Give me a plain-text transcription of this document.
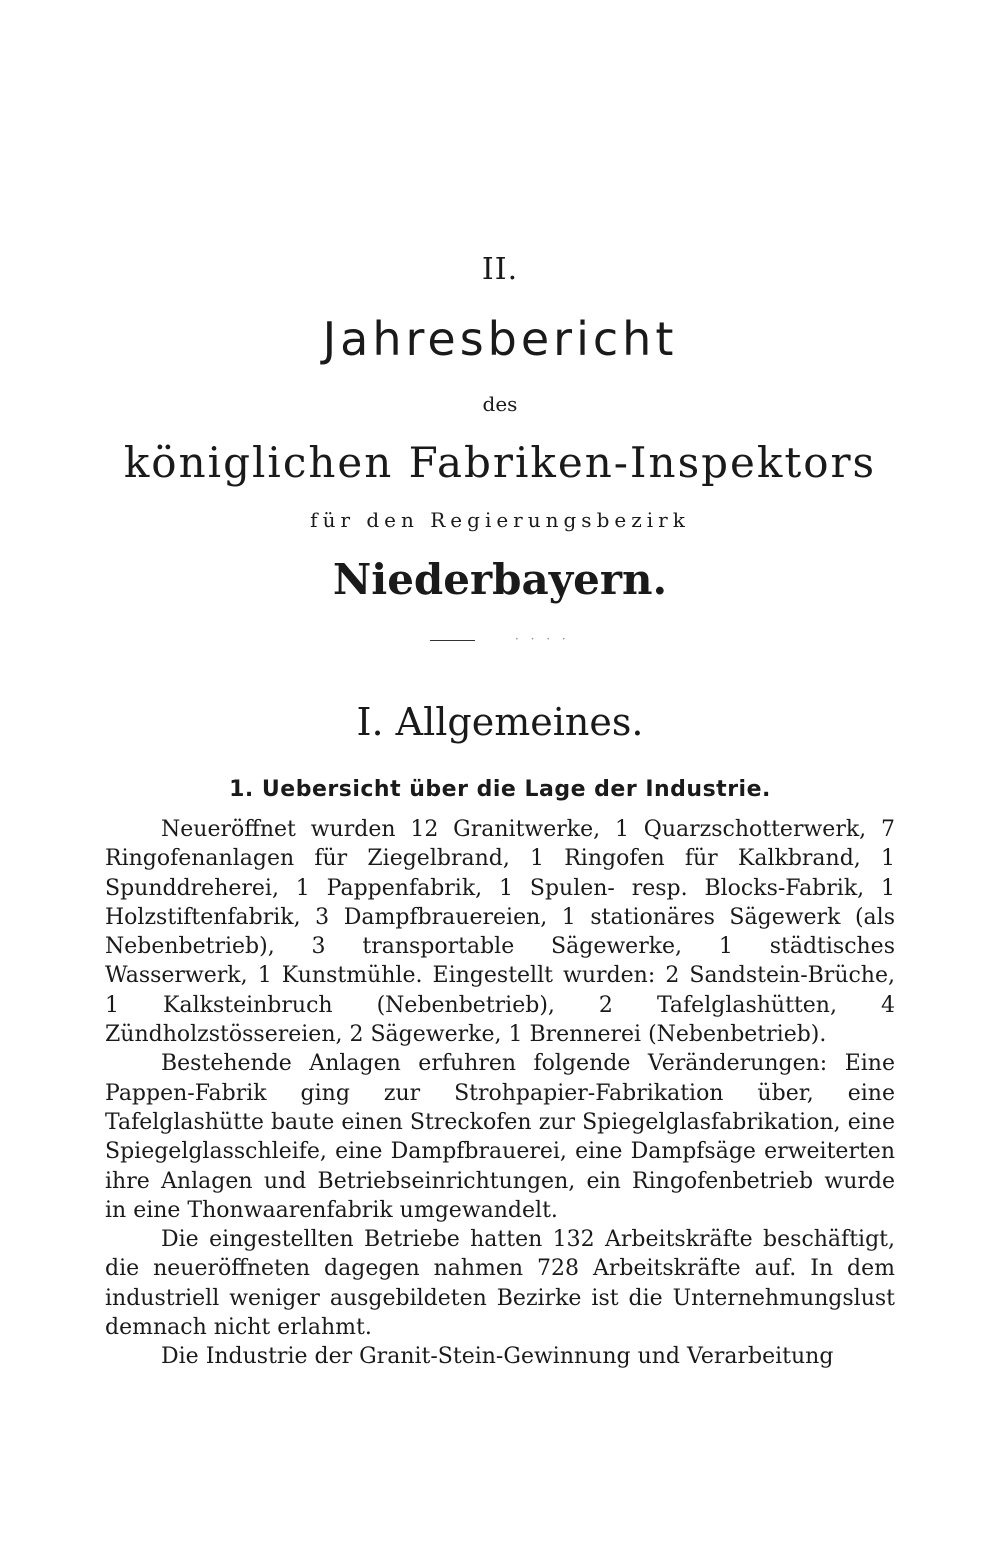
II.
Jahresbericht
des
königlichen Fabriken-Inspektors
für den Regierungsbezirk
Niederbayern.
· · · ·
I. Allgemeines.
1. Uebersicht über die Lage der Industrie.

Neueröffnet wurden 12 Granitwerke, 1 Quarzschotterwerk, 7 Ringofenanlagen für Ziegelbrand, 1 Ringofen für Kalkbrand, 1 Spunddreherei, 1 Pappenfabrik, 1 Spulen- resp. Blocks-Fabrik, 1 Holzstiftenfabrik, 3 Dampfbrauereien, 1 stationäres Sägewerk (als Nebenbetrieb), 3 transportable Sägewerke, 1 städtisches Wasserwerk, 1 Kunstmühle. Eingestellt wurden: 2 Sandstein-Brüche, 1 Kalksteinbruch (Nebenbetrieb), 2 Tafelglashütten, 4 Zündholzstössereien, 2 Sägewerke, 1 Brennerei (Nebenbetrieb).

Bestehende Anlagen erfuhren folgende Veränderungen: Eine Pappen-Fabrik ging zur Strohpapier-Fabrikation über, eine Tafelglashütte baute einen Streckofen zur Spiegelglasfabrikation, eine Spiegelglasschleife, eine Dampfbrauerei, eine Dampfsäge erweiterten ihre Anlagen und Betriebseinrichtungen, ein Ringofenbetrieb wurde in eine Thonwaarenfabrik umgewandelt.

Die eingestellten Betriebe hatten 132 Arbeitskräfte beschäftigt, die neueröffneten dagegen nahmen 728 Arbeitskräfte auf. In dem industriell weniger ausgebildeten Bezirke ist die Unternehmungslust demnach nicht erlahmt.

Die Industrie der Granit-Stein-Gewinnung und Verarbeitung
